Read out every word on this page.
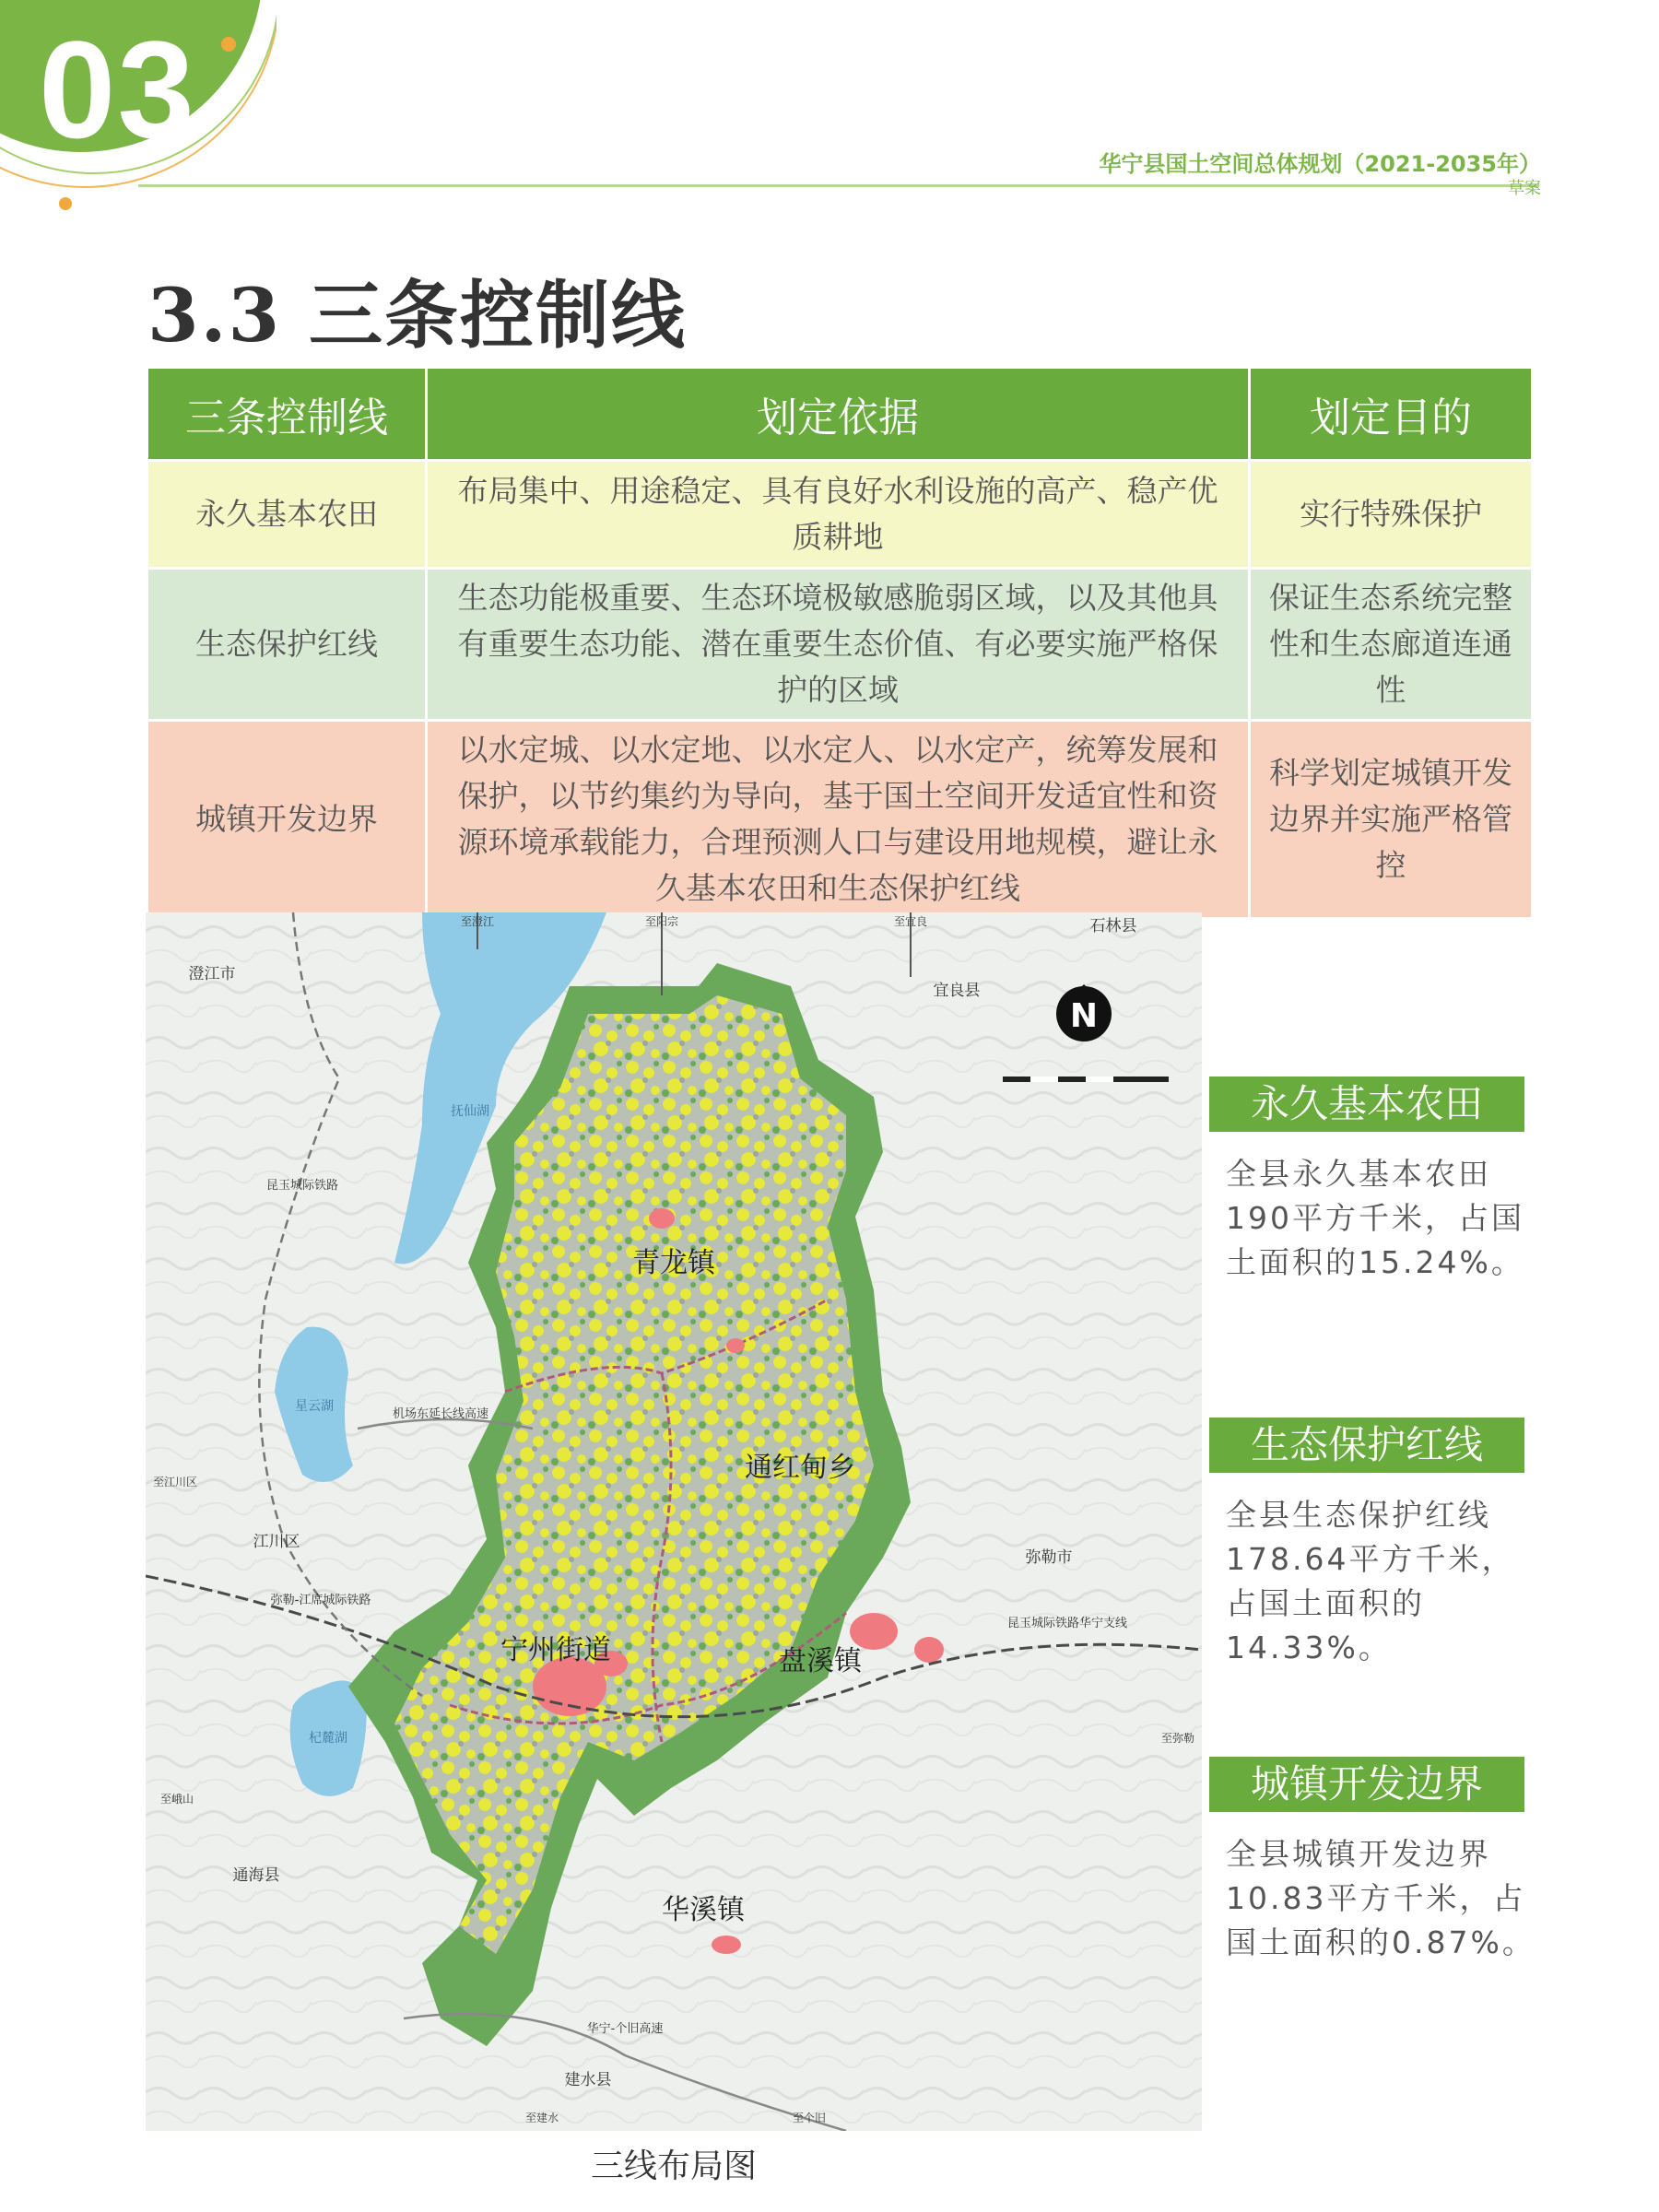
03	华宁县国土空间总体规划（2021-2035年）
草案
3.3 三条控制线
三条控制线	划定依据	划定目的
永久基本农田	布局集中、用途稳定、具有良好水利设施的高产、稳产优质耕地	实行特殊保护
生态保护红线	生态功能极重要、生态环境极敏感脆弱区域，以及其他具有重要生态功能、潜在重要生态价值、有必要实施严格保护的区域	保证生态系统完整性和生态廊道连通性
城镇开发边界	以水定城、以水定地、以水定人、以水定产，统筹发展和保护，以节约集约为导向，基于国土空间开发适宜性和资源环境承载能力，合理预测人口与建设用地规模，避让永久基本农田和生态保护红线	科学划定城镇开发边界并实施严格管控
N
青龙镇
通红甸乡
宁州街道	盘溪镇
华溪镇
澄江市
石林县
宜良县
江川区
弥勒市
通海县
建水县
抚仙湖
星云湖
杞麓湖
昆玉城际铁路华宁支线
华宁-个旧高速
机场东延长线高速
弥勒-江席城际铁路
昆玉城际铁路
至澄江	至阳宗	至宜良
至江川区
至弥勒
至建水	至个旧
至峨山
三线布局图
永久基本农田
全县永久基本农田190平方千米，占国土面积的15.24%。
生态保护红线
全县生态保护红线178.64平方千米，占国土面积的14.33%。
城镇开发边界
全县城镇开发边界10.83平方千米，占国土面积的0.87%。
